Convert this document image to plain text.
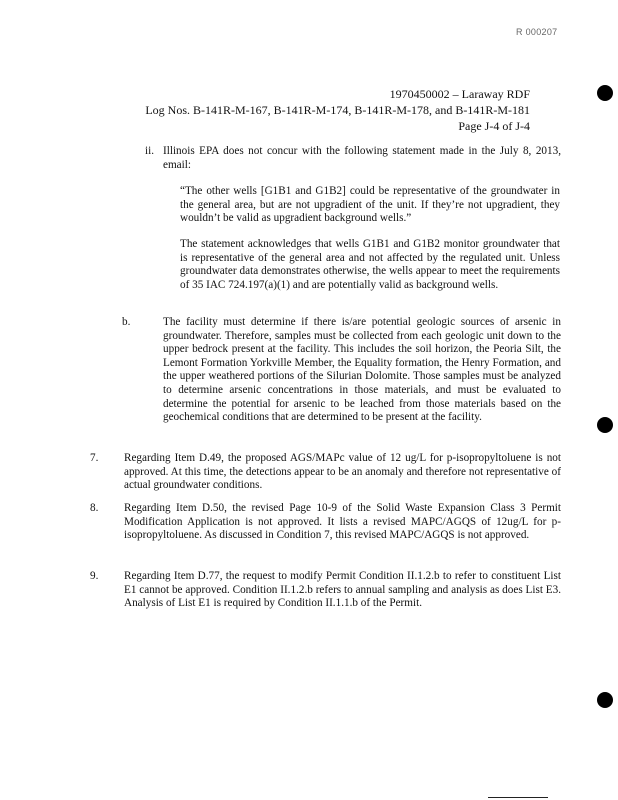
R 000207
1970450002 – Laraway RDF
Log Nos. B-141R-M-167, B-141R-M-174, B-141R-M-178, and B-141R-M-181
Page J-4 of J-4
ii. Illinois EPA does not concur with the following statement made in the July 8, 2013, email:
“The other wells [G1B1 and G1B2] could be representative of the groundwater in the general area, but are not upgradient of the unit. If they’re not upgradient, they wouldn’t be valid as upgradient background wells.”
The statement acknowledges that wells G1B1 and G1B2 monitor groundwater that is representative of the general area and not affected by the regulated unit. Unless groundwater data demonstrates otherwise, the wells appear to meet the requirements of 35 IAC 724.197(a)(1) and are potentially valid as background wells.
b.	The facility must determine if there is/are potential geologic sources of arsenic in groundwater. Therefore, samples must be collected from each geologic unit down to the upper bedrock present at the facility. This includes the soil horizon, the Peoria Silt, the Lemont Formation Yorkville Member, the Equality formation, the Henry Formation, and the upper weathered portions of the Silurian Dolomite. Those samples must be analyzed to determine arsenic concentrations in those materials, and must be evaluated to determine the potential for arsenic to be leached from those materials based on the geochemical conditions that are determined to be present at the facility.
7. Regarding Item D.49, the proposed AGS/MAPc value of 12 ug/L for p-isopropyltoluene is not approved. At this time, the detections appear to be an anomaly and therefore not representative of actual groundwater conditions.
8. Regarding Item D.50, the revised Page 10-9 of the Solid Waste Expansion Class 3 Permit Modification Application is not approved. It lists a revised MAPC/AGQS of 12ug/L for p-isopropyltoluene. As discussed in Condition 7, this revised MAPC/AGQS is not approved.
9. Regarding Item D.77, the request to modify Permit Condition II.1.2.b to refer to constituent List E1 cannot be approved. Condition II.1.2.b refers to annual sampling and analysis as does List E3. Analysis of List E1 is required by Condition II.1.1.b of the Permit.
